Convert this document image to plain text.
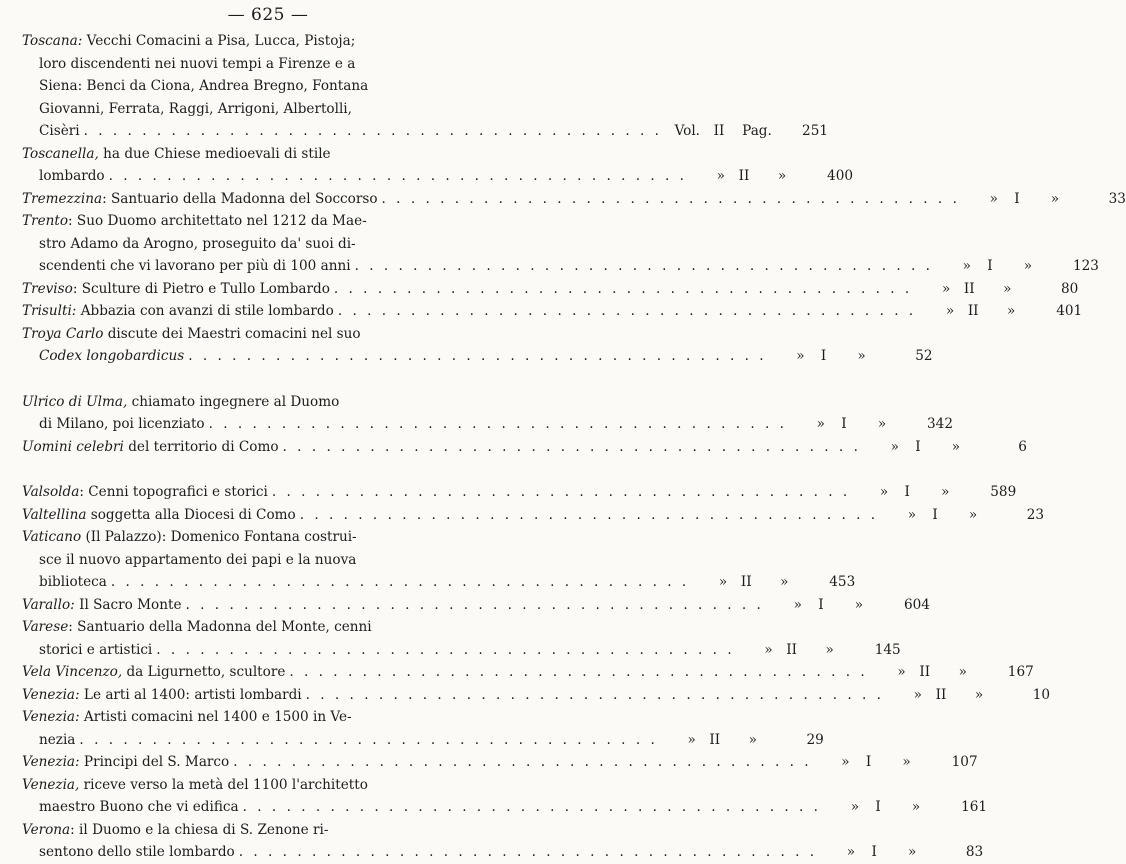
— 625 —
Toscana: Vecchi Comacini a Pisa, Lucca, Pistoja;
loro discendenti nei nuovi tempi a Firenze e a
Siena: Benci da Ciona, Andrea Bregno, Fontana
Giovanni, Ferrata, Raggi, Arrigoni, Albertolli,
Cisèri . . . . . . . . . . . . . . . . . . . . . . . . . . . . . . . . . . . . . . . . Vol.	II	Pag.	251
Toscanella, ha due Chiese medioevali di stile
lombardo . . . . . . . . . . . . . . . . . . . . . . . . . . . . . . . . . . . . . . . .	»	II	»	400
Tremezzina: Santuario della Madonna del Soccorso . . . . . . . . . . . . . . . . . . . . . . . . . . . . . . . . . . . . . . . .	»	I	»	33
Trento: Suo Duomo architettato nel 1212 da Mae-
stro Adamo da Arogno, proseguito da' suoi di-
scendenti che vi lavorano per più di 100 anni . . . . . . . . . . . . . . . . . . . . . . . . . . . . . . . . . . . . . . . .	»	I	»	123
Treviso: Sculture di Pietro e Tullo Lombardo . . . . . . . . . . . . . . . . . . . . . . . . . . . . . . . . . . . . . . . .	»	II	»	80
Trisulti: Abbazia con avanzi di stile lombardo . . . . . . . . . . . . . . . . . . . . . . . . . . . . . . . . . . . . . . . .	»	II	»	401
Troya Carlo discute dei Maestri comacini nel suo
Codex longobardicus . . . . . . . . . . . . . . . . . . . . . . . . . . . . . . . . . . . . . . . .	»	I	»	52
Ulrico di Ulma, chiamato ingegnere al Duomo
di Milano, poi licenziato . . . . . . . . . . . . . . . . . . . . . . . . . . . . . . . . . . . . . . . .	»	I	»	342
Uomini celebri del territorio di Como . . . . . . . . . . . . . . . . . . . . . . . . . . . . . . . . . . . . . . . .	»	I	»	6
Valsolda: Cenni topografici e storici . . . . . . . . . . . . . . . . . . . . . . . . . . . . . . . . . . . . . . . .	»	I	»	589
Valtellina soggetta alla Diocesi di Como . . . . . . . . . . . . . . . . . . . . . . . . . . . . . . . . . . . . . . . .	»	I	»	23
Vaticano (Il Palazzo): Domenico Fontana costrui-
sce il nuovo appartamento dei papi e la nuova
biblioteca . . . . . . . . . . . . . . . . . . . . . . . . . . . . . . . . . . . . . . . .	»	II	»	453
Varallo: Il Sacro Monte . . . . . . . . . . . . . . . . . . . . . . . . . . . . . . . . . . . . . . . .	»	I	»	604
Varese: Santuario della Madonna del Monte, cenni
storici e artistici . . . . . . . . . . . . . . . . . . . . . . . . . . . . . . . . . . . . . . . .	»	II	»	145
Vela Vincenzo, da Ligurnetto, scultore . . . . . . . . . . . . . . . . . . . . . . . . . . . . . . . . . . . . . . . .	»	II	»	167
Venezia: Le arti al 1400: artisti lombardi . . . . . . . . . . . . . . . . . . . . . . . . . . . . . . . . . . . . . . . .	»	II	»	10
Venezia: Artisti comacini nel 1400 e 1500 in Ve-
nezia . . . . . . . . . . . . . . . . . . . . . . . . . . . . . . . . . . . . . . . .	»	II	»	29
Venezia: Principi del S. Marco . . . . . . . . . . . . . . . . . . . . . . . . . . . . . . . . . . . . . . . .	»	I	»	107
Venezia, riceve verso la metà del 1100 l'architetto
maestro Buono che vi edifica . . . . . . . . . . . . . . . . . . . . . . . . . . . . . . . . . . . . . . . .	»	I	»	161
Verona: il Duomo e la chiesa di S. Zenone ri-
sentono dello stile lombardo . . . . . . . . . . . . . . . . . . . . . . . . . . . . . . . . . . . . . . . .	»	I	»	83
